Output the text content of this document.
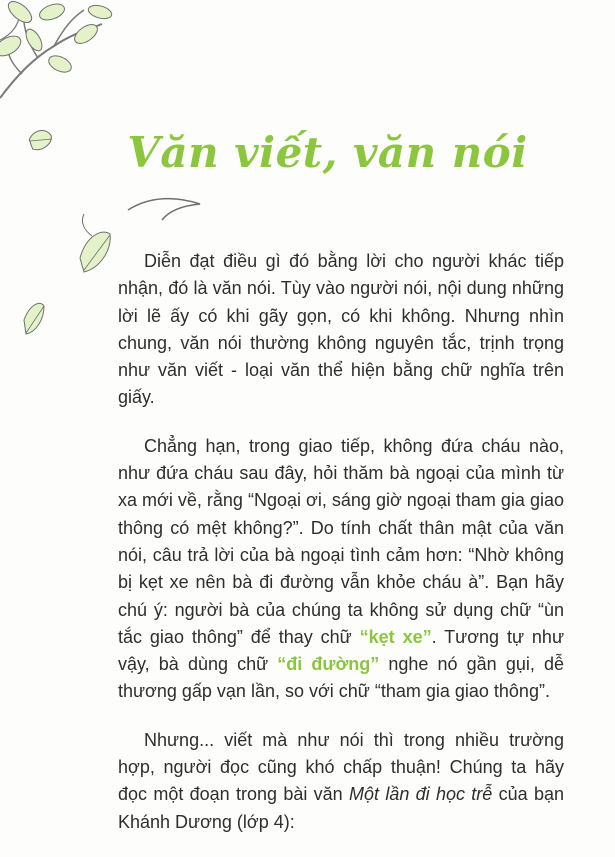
Văn viết, văn nói

Diễn đạt điều gì đó bằng lời cho người khác tiếp nhận, đó là văn nói. Tùy vào người nói, nội dung những lời lẽ ấy có khi gãy gọn, có khi không. Nhưng nhìn chung, văn nói thường không nguyên tắc, trịnh trọng như văn viết - loại văn thể hiện bằng chữ nghĩa trên giấy.

Chẳng hạn, trong giao tiếp, không đứa cháu nào, như đứa cháu sau đây, hỏi thăm bà ngoại của mình từ xa mới về, rằng “Ngoại ơi, sáng giờ ngoại tham gia giao thông có mệt không?”. Do tính chất thân mật của văn nói, câu trả lời của bà ngoại tình cảm hơn: “Nhờ không bị kẹt xe nên bà đi đường vẫn khỏe cháu à”. Bạn hãy chú ý: người bà của chúng ta không sử dụng chữ “ùn tắc giao thông” để thay chữ “kẹt xe”. Tương tự như vậy, bà dùng chữ “đi đường” nghe nó gần gụi, dễ thương gấp vạn lần, so với chữ “tham gia giao thông”.

Nhưng... viết mà như nói thì trong nhiều trường hợp, người đọc cũng khó chấp thuận! Chúng ta hãy đọc một đoạn trong bài văn Một lần đi học trễ của bạn Khánh Dương (lớp 4):
